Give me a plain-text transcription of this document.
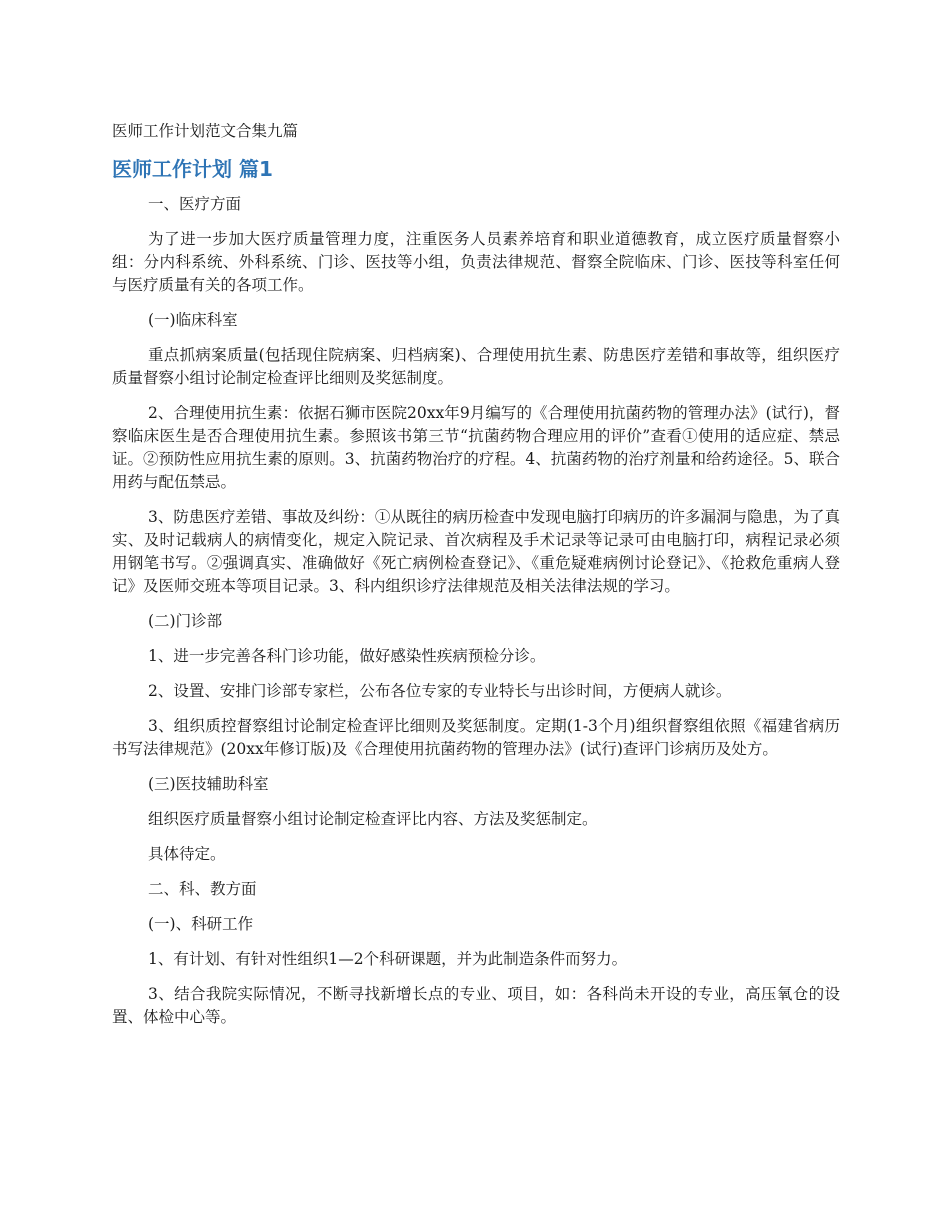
医师工作计划范文合集九篇

医师工作计划 篇1

一、医疗方面

为了进一步加大医疗质量管理力度，注重医务人员素养培育和职业道德教育，成立医疗质量督察小组：分内科系统、外科系统、门诊、医技等小组，负责法律规范、督察全院临床、门诊、医技等科室任何与医疗质量有关的各项工作。

(一)临床科室

重点抓病案质量(包括现住院病案、归档病案)、合理使用抗生素、防患医疗差错和事故等，组织医疗质量督察小组讨论制定检查评比细则及奖惩制度。

2、合理使用抗生素：依据石狮市医院20xx年9月编写的《合理使用抗菌药物的管理办法》(试行)，督察临床医生是否合理使用抗生素。参照该书第三节“抗菌药物合理应用的评价”查看①使用的适应症、禁忌证。②预防性应用抗生素的原则。3、抗菌药物治疗的疗程。4、抗菌药物的治疗剂量和给药途径。5、联合用药与配伍禁忌。

3、防患医疗差错、事故及纠纷：①从既往的病历检查中发现电脑打印病历的许多漏洞与隐患，为了真实、及时记载病人的病情变化，规定入院记录、首次病程及手术记录等记录可由电脑打印，病程记录必须用钢笔书写。②强调真实、准确做好《死亡病例检查登记》、《重危疑难病例讨论登记》、《抢救危重病人登记》及医师交班本等项目记录。3、科内组织诊疗法律规范及相关法律法规的学习。

(二)门诊部

1、进一步完善各科门诊功能，做好感染性疾病预检分诊。

2、设置、安排门诊部专家栏，公布各位专家的专业特长与出诊时间，方便病人就诊。

3、组织质控督察组讨论制定检查评比细则及奖惩制度。定期(1-3个月)组织督察组依照《福建省病历书写法律规范》(20xx年修订版)及《合理使用抗菌药物的管理办法》(试行)查评门诊病历及处方。

(三)医技辅助科室

组织医疗质量督察小组讨论制定检查评比内容、方法及奖惩制定。

具体待定。

二、科、教方面

(一)、科研工作

1、有计划、有针对性组织1—2个科研课题，并为此制造条件而努力。

3、结合我院实际情况，不断寻找新增长点的专业、项目，如：各科尚未开设的专业，高压氧仓的设置、体检中心等。
